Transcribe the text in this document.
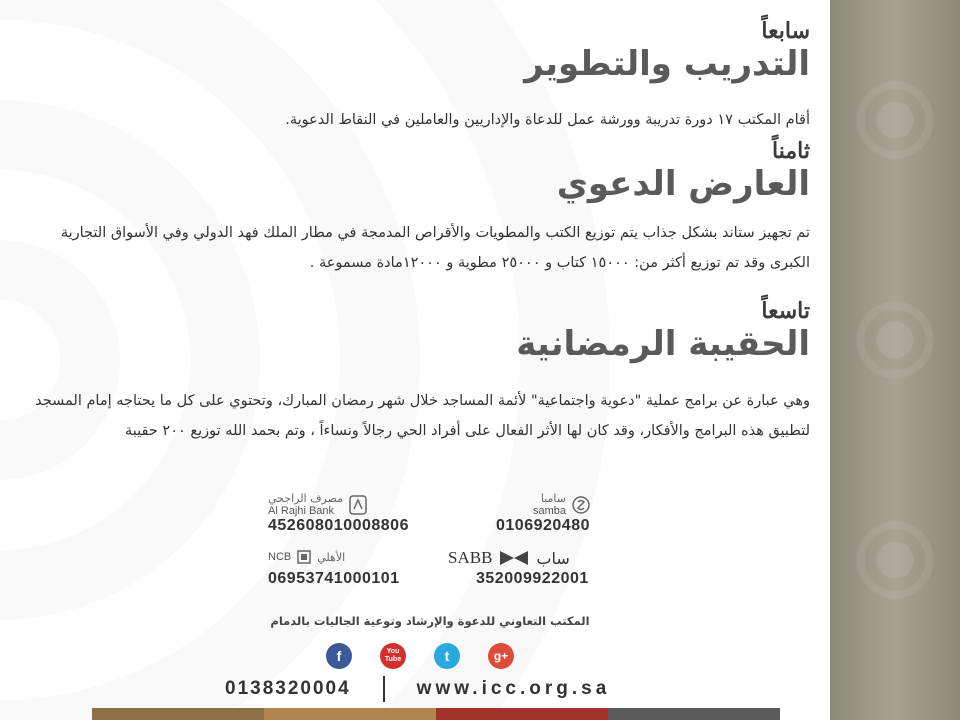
سابعاً
التدريب والتطوير
أقام المكتب ١٧ دورة تدريبة وورشة عمل للدعاة والإداريين والعاملين في النقاط الدعوية.
ثامناً
العارض الدعوي
تم تجهيز ستاند بشكل جذاب يتم توزيع الكتب والمطويات والأقراص المدمجة في مطار الملك فهد الدولي وفي الأسواق التجارية الكبرى وقد تم توزيع أكثر من: ١٥٠٠٠ كتاب و ٢٥٠٠٠ مطوية و ١٢٠٠٠مادة مسموعة .
تاسعاً
الحقيبة الرمضانية
وهي عبارة عن برامج عملية "دعوية واجتماعية" لأئمة المساجد خلال شهر رمضان المبارك، وتحتوي على كل ما يحتاجه إمام المسجد لتطبيق هذه البرامج والأفكار، وقد كان لها الأثر الفعال على أفراد الحي رجالاً ونساءاً ، وتم بحمد الله توزيع ٢٠٠ حقيبة
مصرف الراجحي
Al Rajhi Bank
452608010008806
سامبا
samba
0106920480
NCB الأهلي
06953741000101
SABB	ساب
352009922001
المكتب التعاوني للدعوة والإرشاد وتوعية الجاليات بالدمام
f	You Tube	t	g+
0138320004	www.icc.org.sa
